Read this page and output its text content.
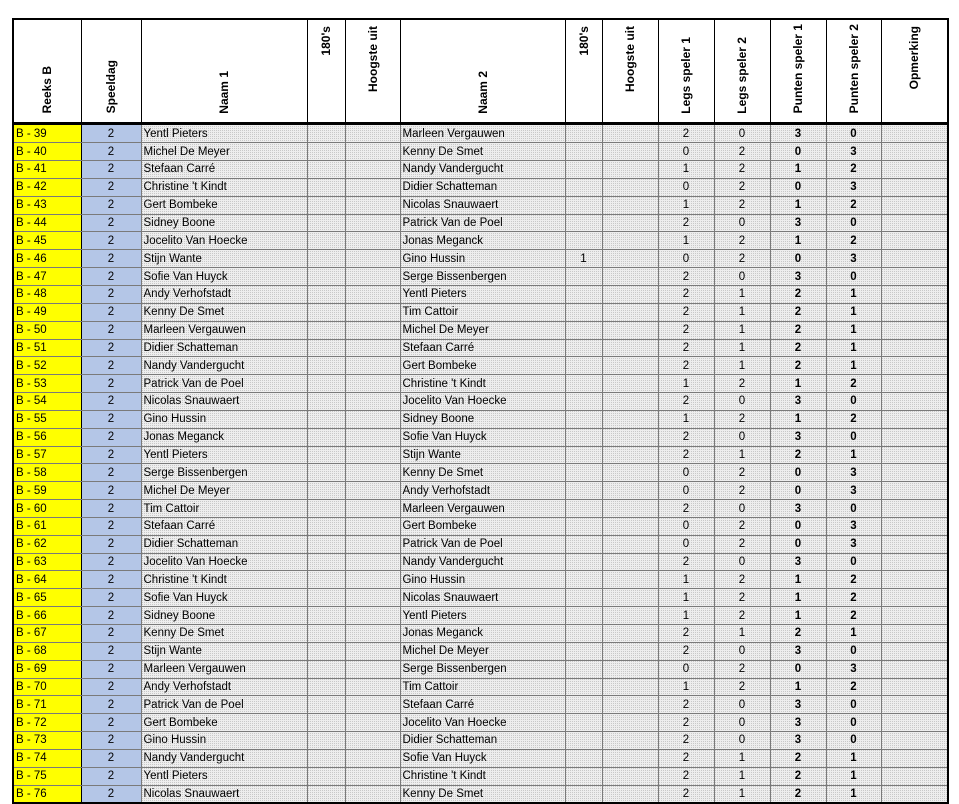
Reeks B	Speeldag	Naam 1	180's	Hoogste uit	Naam 2	180's	Hoogste uit	Legs speler 1	Legs speler 2	Punten speler 1	Punten speler 2	Opmerking

B - 39	2	Yentl Pieters			Marleen Vergauwen			2	0	3	0	
B - 40	2	Michel De Meyer			Kenny De Smet			0	2	0	3	
B - 41	2	Stefaan Carré			Nandy Vandergucht			1	2	1	2	
B - 42	2	Christine 't Kindt			Didier Schatteman			0	2	0	3	
B - 43	2	Gert Bombeke			Nicolas Snauwaert			1	2	1	2	
B - 44	2	Sidney Boone			Patrick Van de Poel			2	0	3	0	
B - 45	2	Jocelito Van Hoecke			Jonas Meganck			1	2	1	2	
B - 46	2	Stijn Wante			Gino Hussin	1		0	2	0	3	
B - 47	2	Sofie Van Huyck			Serge Bissenbergen			2	0	3	0	
B - 48	2	Andy Verhofstadt			Yentl Pieters			2	1	2	1	
B - 49	2	Kenny De Smet			Tim Cattoir			2	1	2	1	
B - 50	2	Marleen Vergauwen			Michel De Meyer			2	1	2	1	
B - 51	2	Didier Schatteman			Stefaan Carré			2	1	2	1	
B - 52	2	Nandy Vandergucht			Gert Bombeke			2	1	2	1	
B - 53	2	Patrick Van de Poel			Christine 't Kindt			1	2	1	2	
B - 54	2	Nicolas Snauwaert			Jocelito Van Hoecke			2	0	3	0	
B - 55	2	Gino Hussin			Sidney Boone			1	2	1	2	
B - 56	2	Jonas Meganck			Sofie Van Huyck			2	0	3	0	
B - 57	2	Yentl Pieters			Stijn Wante			2	1	2	1	
B - 58	2	Serge Bissenbergen			Kenny De Smet			0	2	0	3	
B - 59	2	Michel De Meyer			Andy Verhofstadt			0	2	0	3	
B - 60	2	Tim Cattoir			Marleen Vergauwen			2	0	3	0	
B - 61	2	Stefaan Carré			Gert Bombeke			0	2	0	3	
B - 62	2	Didier Schatteman			Patrick Van de Poel			0	2	0	3	
B - 63	2	Jocelito Van Hoecke			Nandy Vandergucht			2	0	3	0	
B - 64	2	Christine 't Kindt			Gino Hussin			1	2	1	2	
B - 65	2	Sofie Van Huyck			Nicolas Snauwaert			1	2	1	2	
B - 66	2	Sidney Boone			Yentl Pieters			1	2	1	2	
B - 67	2	Kenny De Smet			Jonas Meganck			2	1	2	1	
B - 68	2	Stijn Wante			Michel De Meyer			2	0	3	0	
B - 69	2	Marleen Vergauwen			Serge Bissenbergen			0	2	0	3	
B - 70	2	Andy Verhofstadt			Tim Cattoir			1	2	1	2	
B - 71	2	Patrick Van de Poel			Stefaan Carré			2	0	3	0	
B - 72	2	Gert Bombeke			Jocelito Van Hoecke			2	0	3	0	
B - 73	2	Gino Hussin			Didier Schatteman			2	0	3	0	
B - 74	2	Nandy Vandergucht			Sofie Van Huyck			2	1	2	1	
B - 75	2	Yentl Pieters			Christine 't Kindt			2	1	2	1	
B - 76	2	Nicolas Snauwaert			Kenny De Smet			2	1	2	1	
